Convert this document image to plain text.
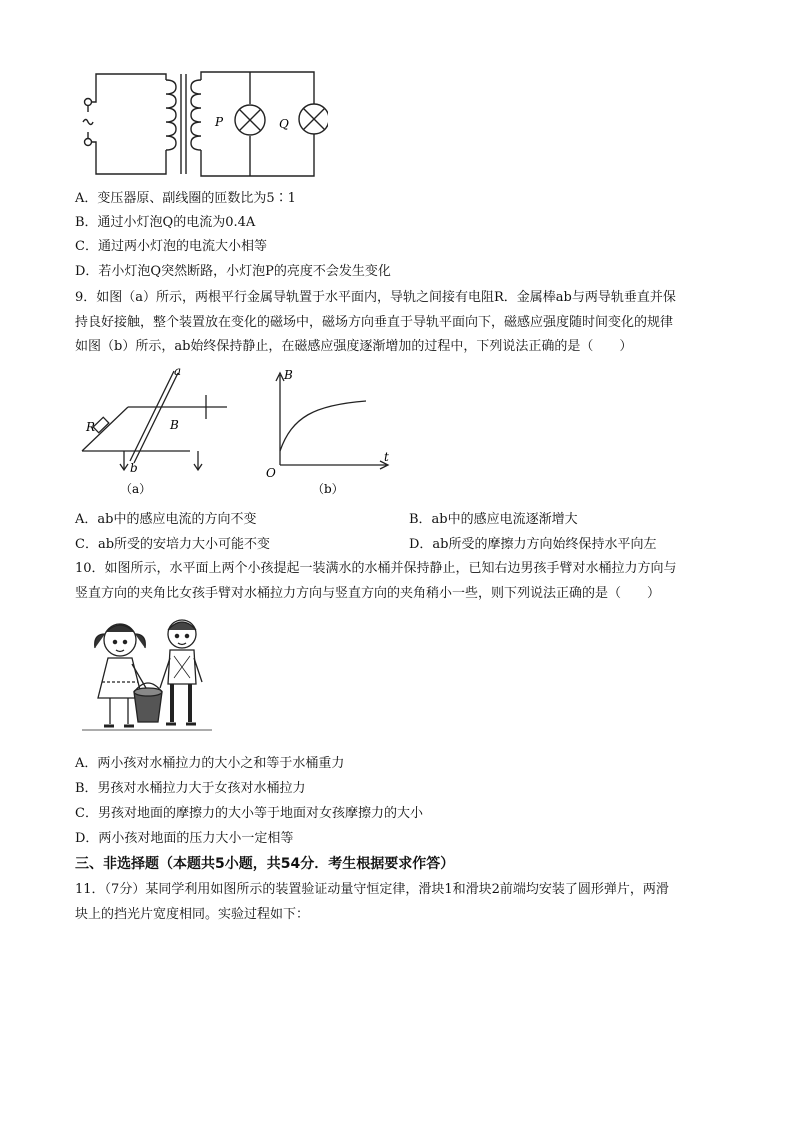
P	Q
A．变压器原、副线圈的匝数比为5∶1
B．通过小灯泡Q的电流为0.4A
C．通过两小灯泡的电流大小相等
D．若小灯泡Q突然断路，小灯泡P的亮度不会发生变化
9．如图（a）所示，两根平行金属导轨置于水平面内，导轨之间接有电阻R．金属棒ab与两导轨垂直并保
持良好接触，整个装置放在变化的磁场中，磁场方向垂直于导轨平面向下，磁感应强度随时间变化的规律
如图（b）所示，ab始终保持静止，在磁感应强度逐渐增加的过程中，下列说法正确的是（　　）
R
a
b
B
（a）
B
t
O
（b）
A．ab中的感应电流的方向不变	B．ab中的感应电流逐渐增大
C．ab所受的安培力大小可能不变	D．ab所受的摩擦力方向始终保持水平向左
10．如图所示，水平面上两个小孩提起一装满水的水桶并保持静止，已知右边男孩手臂对水桶拉力方向与
竖直方向的夹角比女孩手臂对水桶拉力方向与竖直方向的夹角稍小一些，则下列说法正确的是（　　）
A．两小孩对水桶拉力的大小之和等于水桶重力
B．男孩对水桶拉力大于女孩对水桶拉力
C．男孩对地面的摩擦力的大小等于地面对女孩摩擦力的大小
D．两小孩对地面的压力大小一定相等
三、非选择题（本题共5小题，共54分．考生根据要求作答）
11．（7分）某同学利用如图所示的装置验证动量守恒定律，滑块1和滑块2前端均安装了圆形弹片，两滑
块上的挡光片宽度相同。实验过程如下：
